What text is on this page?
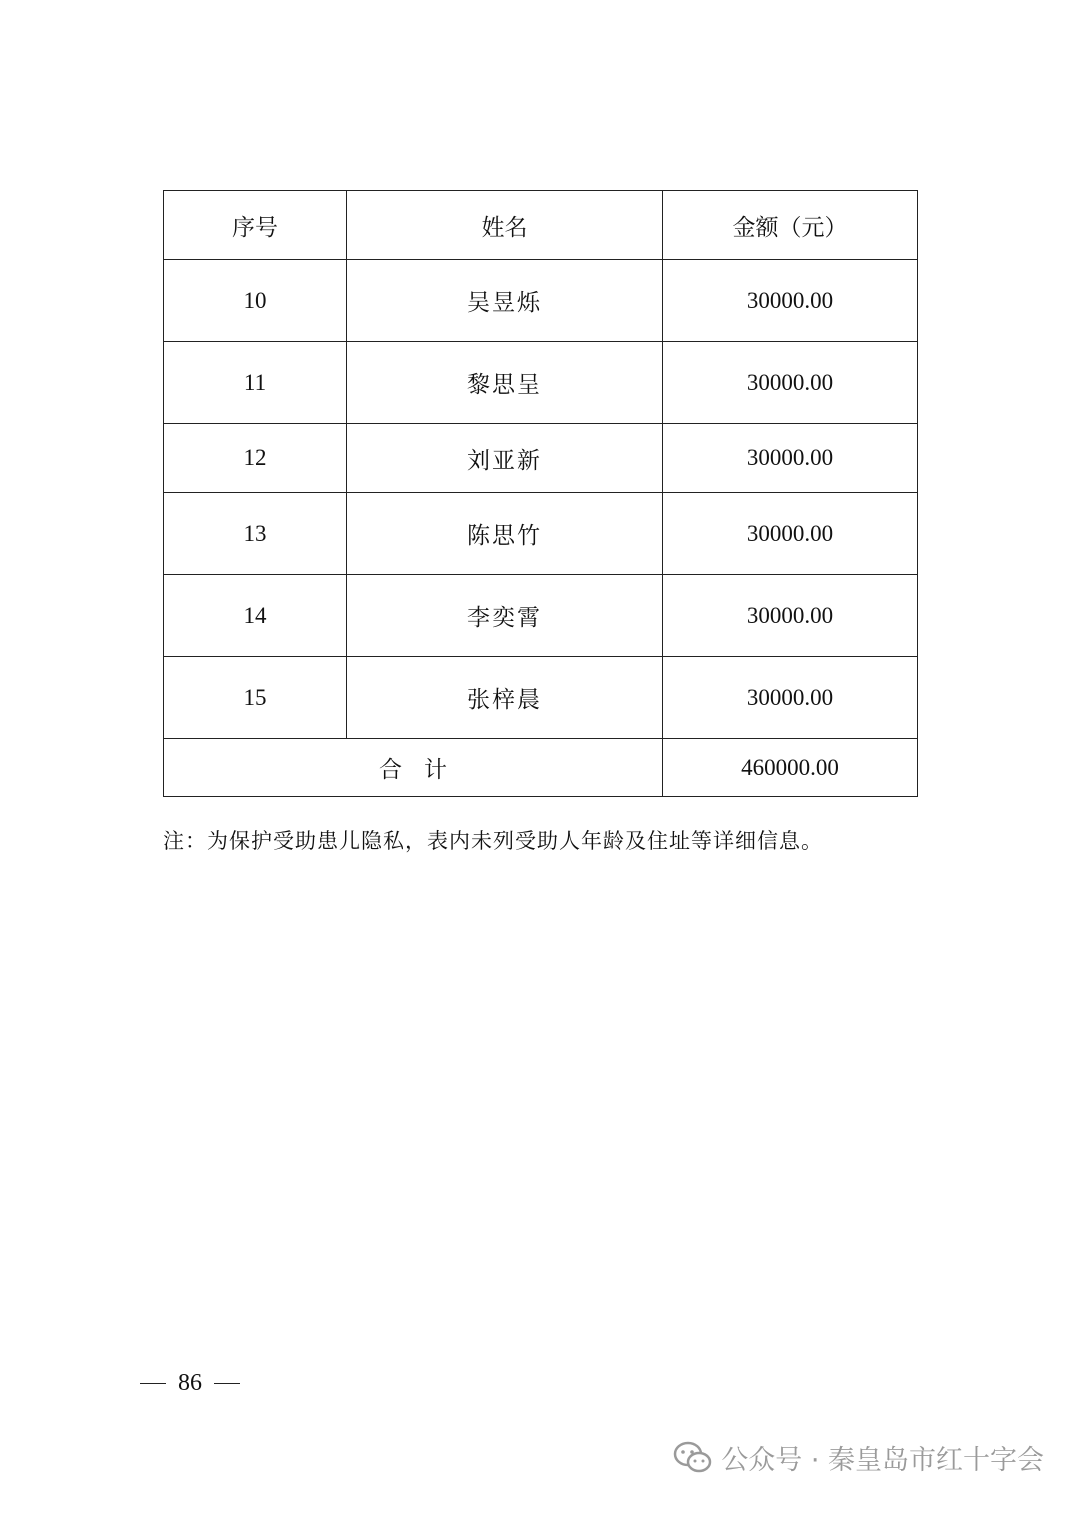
序号	姓名	金额（元）
10	吴昱烁	30000.00
11	黎思呈	30000.00
12	刘亚新	30000.00
13	陈思竹	30000.00
14	李奕霄	30000.00
15	张梓晨	30000.00
合计		460000.00
注：为保护受助患儿隐私，表内未列受助人年龄及住址等详细信息。
86
公众号 · 秦皇岛市红十字会
